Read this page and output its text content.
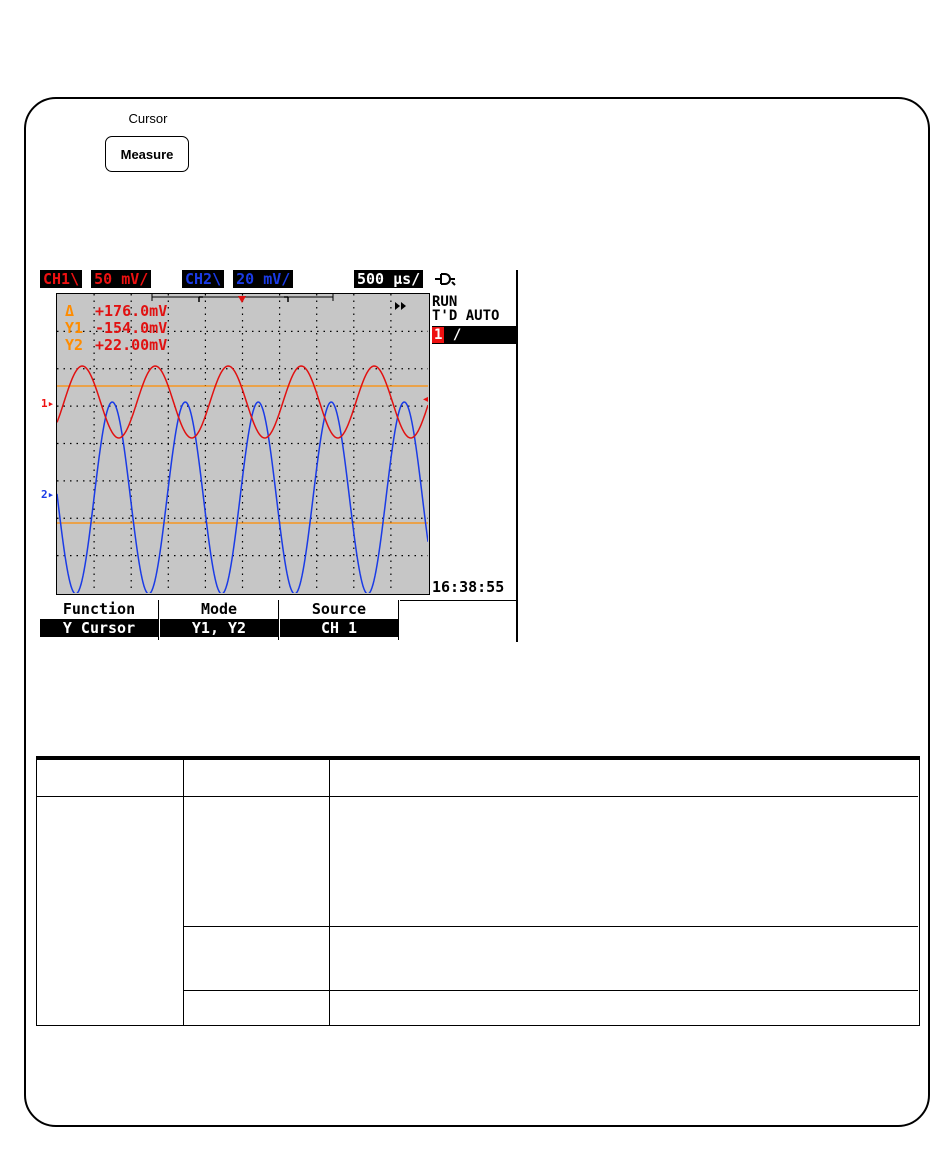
Cursor
Measure
CH1\ 50 mV/ CH2\ 20 mV/	500 µs/
Δ +176.0mV
Y1 -154.0mV
Y2 +22.00mV
1▸
2▸
◂
RUN
T'D AUTO
1 /
16:38:55
Function
Y Cursor
Mode
Y1, Y2
Source
CH 1
